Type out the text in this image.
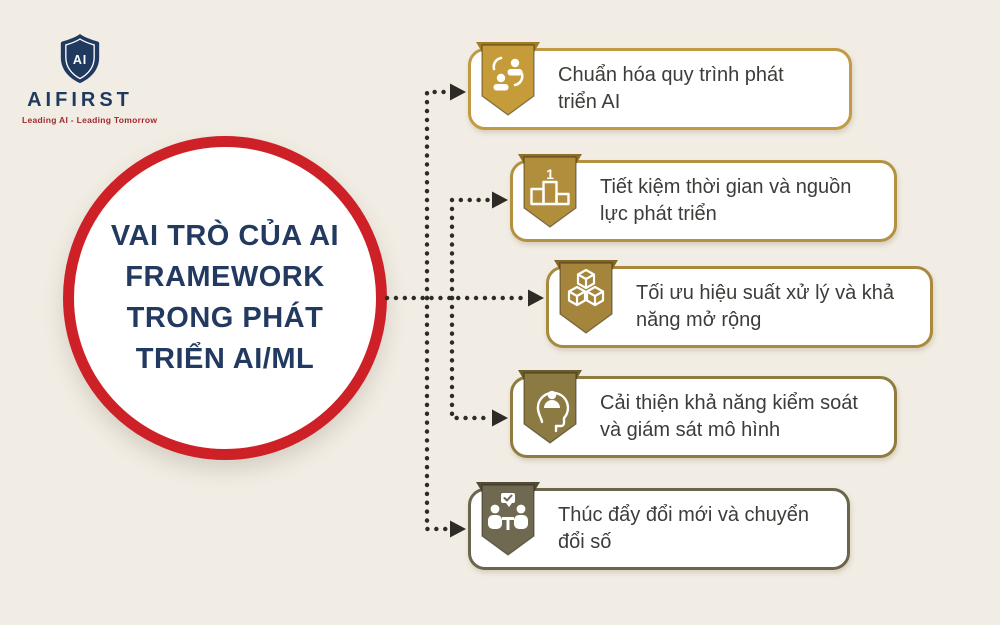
AI
AIFIRST
Leading AI - Leading Tomorrow
VAI TRÒ CỦA AI
FRAMEWORK
TRONG PHÁT
TRIỂN AI/ML
Chuẩn hóa quy trình phát triển AI
Tiết kiệm thời gian và nguồn lực phát triển
1
Tối ưu hiệu suất xử lý và khả năng mở rộng
Cải thiện khả năng kiểm soát và giám sát mô hình
Thúc đẩy đổi mới và chuyển đổi số
